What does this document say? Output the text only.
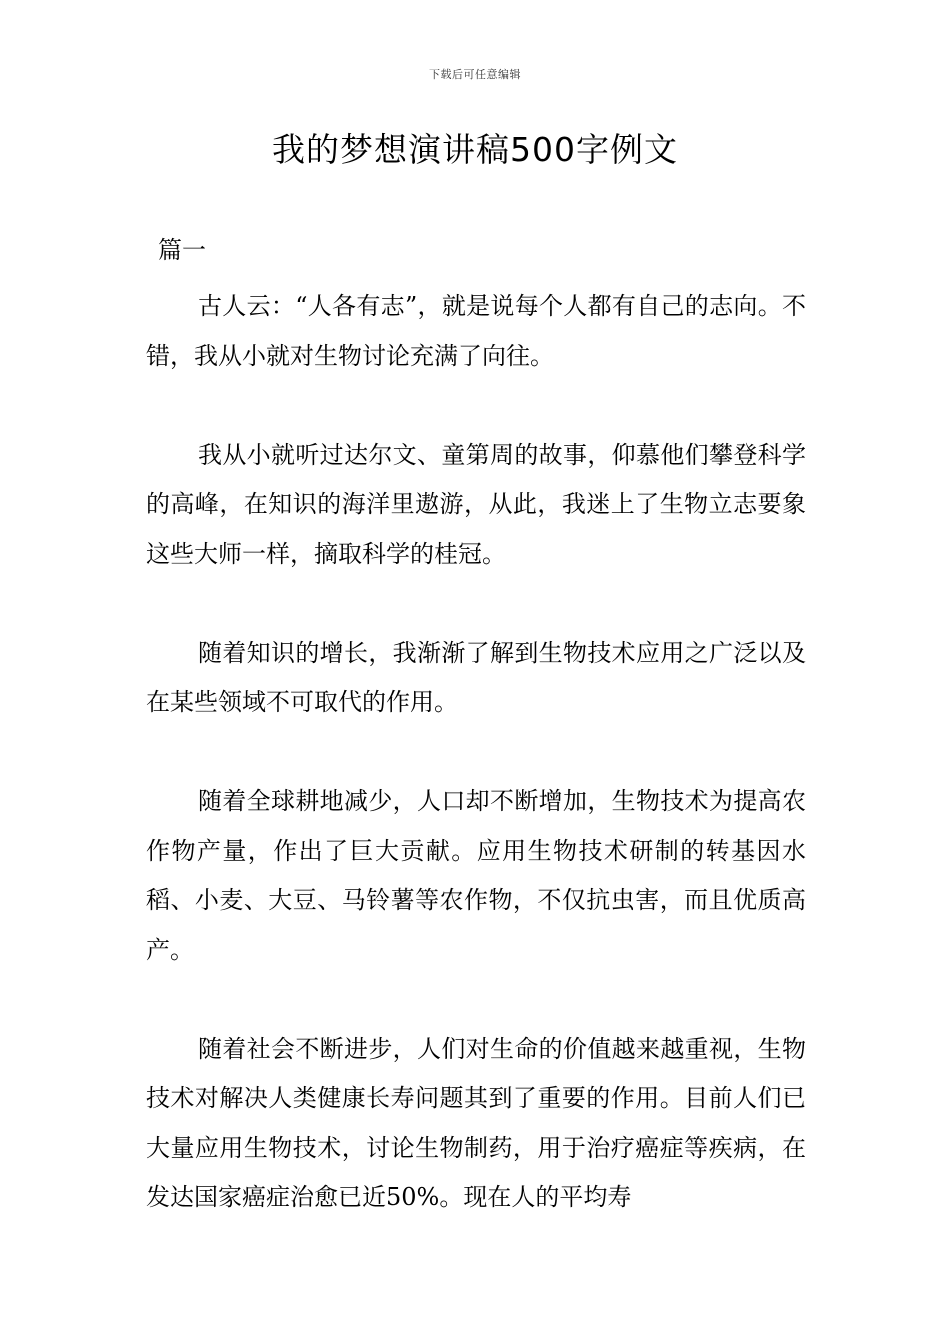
下载后可任意编辑
我的梦想演讲稿500字例文
篇一

古人云：“人各有志”，就是说每个人都有自己的志向。不错，我从小就对生物讨论充满了向往。

我从小就听过达尔文、童第周的故事，仰慕他们攀登科学的高峰，在知识的海洋里遨游，从此，我迷上了生物立志要象这些大师一样，摘取科学的桂冠。

随着知识的增长，我渐渐了解到生物技术应用之广泛以及在某些领域不可取代的作用。

随着全球耕地减少，人口却不断增加，生物技术为提高农作物产量，作出了巨大贡献。应用生物技术研制的转基因水稻、小麦、大豆、马铃薯等农作物，不仅抗虫害，而且优质高产。

随着社会不断进步，人们对生命的价值越来越重视，生物技术对解决人类健康长寿问题其到了重要的作用。目前人们已大量应用生物技术，讨论生物制药，用于治疗癌症等疾病，在发达国家癌症治愈已近50%。现在人的平均寿
